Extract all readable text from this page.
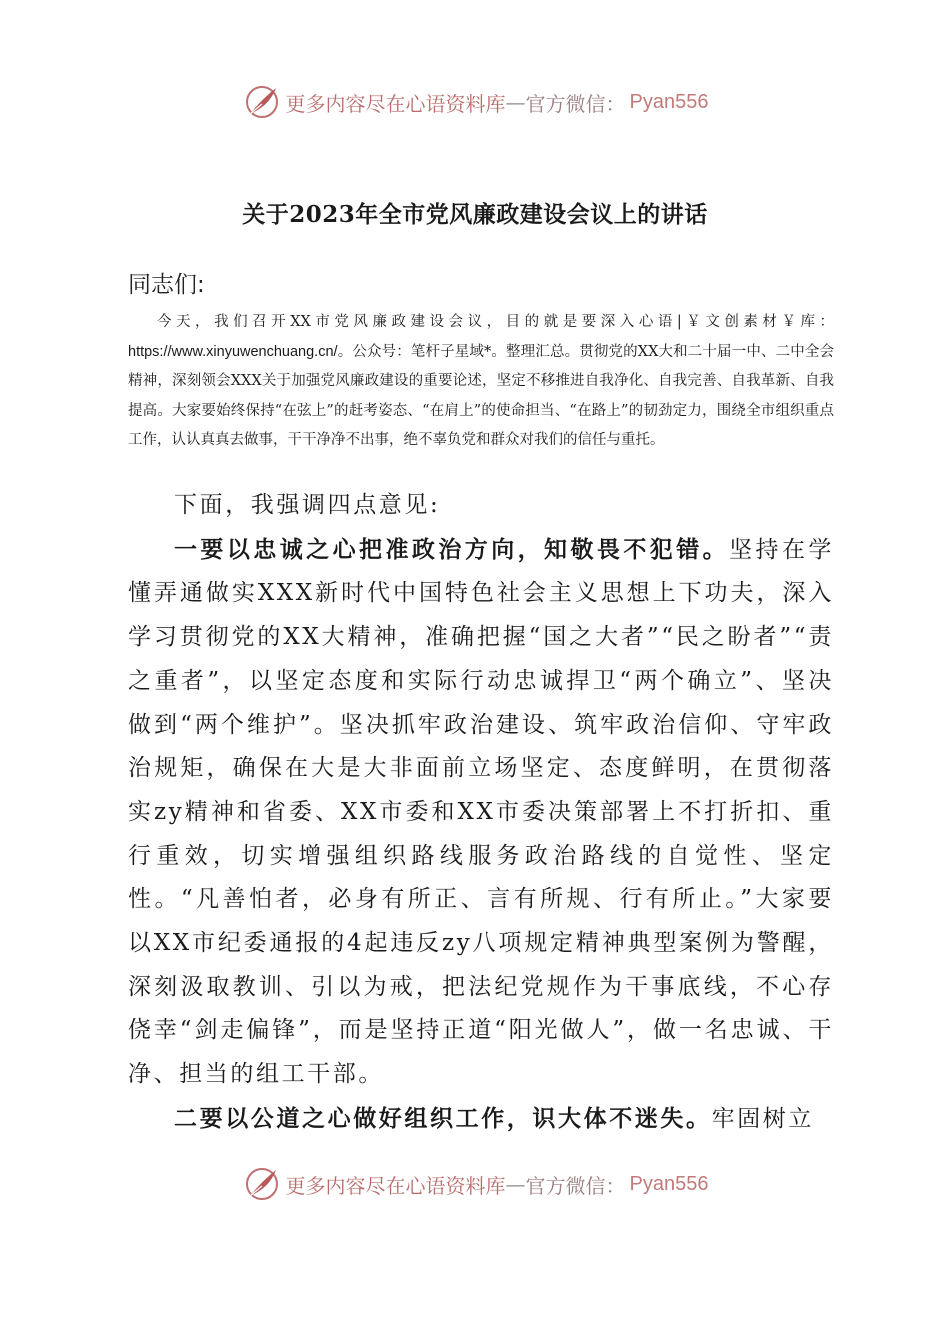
更多内容尽在心语资料库 — 官方微信： Pyan556
关于2023年全市党风廉政建设会议上的讲话
同志们:
今天，我们召开XX市党风廉政建设会议，目的就是要深入心语|￥文创素材￥库：https://www.xinyuwenchuang.cn/。公众号：笔杆子星域*。整理汇总。贯彻党的XX大和二十届一中、二中全会精神，深刻领会XXX关于加强党风廉政建设的重要论述，坚定不移推进自我净化、自我完善、自我革新、自我提高。大家要始终保持“在弦上”的赶考姿态、“在肩上”的使命担当、“在路上”的韧劲定力，围绕全市组织重点工作，认认真真去做事，干干净净不出事，绝不辜负党和群众对我们的信任与重托。

下面，我强调四点意见:

一要以忠诚之心把准政治方向，知敬畏不犯错。坚持在学懂弄通做实XXX新时代中国特色社会主义思想上下功夫，深入学习贯彻党的XX大精神，准确把握“国之大者”“民之盼者”“责之重者”，以坚定态度和实际行动忠诚捍卫“两个确立”、坚决做到“两个维护”。坚决抓牢政治建设、筑牢政治信仰、守牢政治规矩，确保在大是大非面前立场坚定、态度鲜明，在贯彻落实zy精神和省委、XX市委和XX市委决策部署上不打折扣、重行重效，切实增强组织路线服务政治路线的自觉性、坚定性。“凡善怕者，必身有所正、言有所规、行有所止。”大家要以XX市纪委通报的4起违反zy八项规定精神典型案例为警醒，深刻汲取教训、引以为戒，把法纪党规作为干事底线，不心存侥幸“剑走偏锋”，而是坚持正道“阳光做人”，做一名忠诚、干净、担当的组工干部。

二要以公道之心做好组织工作，识大体不迷失。牢固树立

更多内容尽在心语资料库 — 官方微信： Pyan556
